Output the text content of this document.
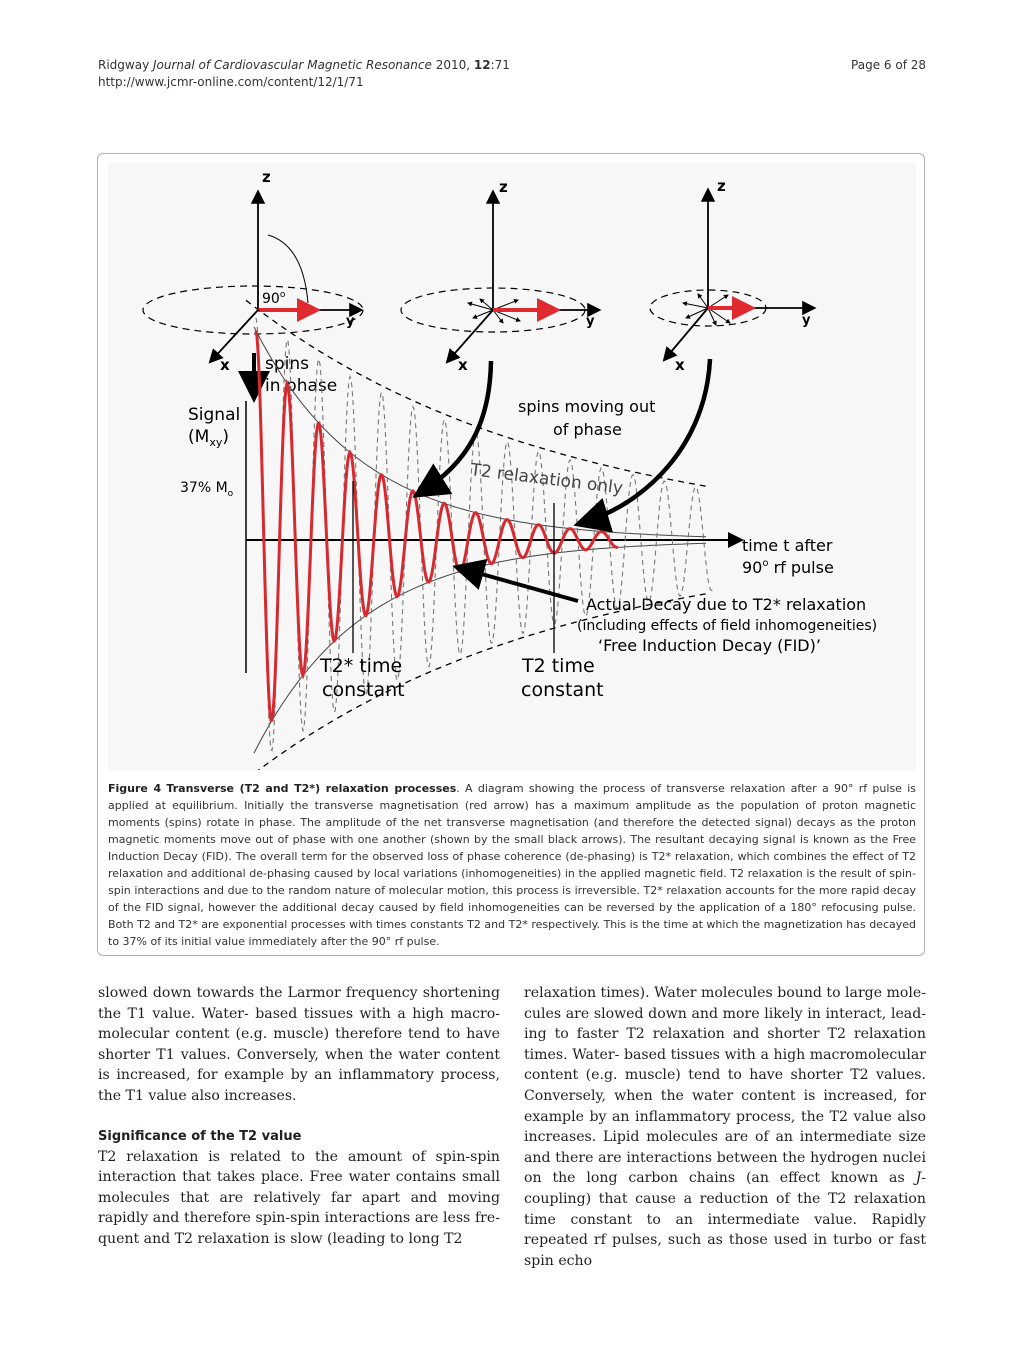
Ridgway Journal of Cardiovascular Magnetic Resonance 2010, 12:71	Page 6 of 28
http://www.jcmr-online.com/content/12/1/71
z
x
y
90$^o$
z
x
y
z
x
y
spins
in phase
Signal
$(M_{xy})$
37% $M_o$
spins moving out
of phase
T2 relaxation only
time t after
90$^o$ rf pulse
Actual Decay due to T2* relaxation
(including effects of field inhomogeneities)
‘Free Induction Decay (FID)’
T2* time
constant
T2 time
constant
Figure 4 Transverse (T2 and T2*) relaxation processes. A diagram showing the process of transverse relaxation after a 90° rf pulse is applied at equilibrium. Initially the transverse magnetisation (red arrow) has a maximum amplitude as the population of proton magnetic moments (spins) rotate in phase. The amplitude of the net transverse magnetisation (and therefore the detected signal) decays as the proton magnetic moments move out of phase with one another (shown by the small black arrows). The resultant decaying signal is known as the Free Induction Decay (FID). The overall term for the observed loss of phase coherence (de-phasing) is T2* relaxation, which combines the effect of T2 relaxation and additional de-phasing caused by local variations (inhomogeneities) in the applied magnetic field. T2 relaxation is the result of spin-spin interactions and due to the random nature of molecular motion, this process is irreversible. T2* relaxation accounts for the more rapid decay of the FID signal, however the additional decay caused by field inhomogeneities can be reversed by the application of a 180° refocusing pulse. Both T2 and T2* are exponential processes with times constants T2 and T2* respectively. This is the time at which the magnetization has decayed to 37% of its initial value immediately after the 90° rf pulse.

slowed down towards the Larmor frequency shortening the T1 value. Water- based tissues with a high macro-molecular content (e.g. muscle) therefore tend to have shorter T1 values. Conversely, when the water content is increased, for example by an inflammatory process, the T1 value also increases.

Significance of the T2 value

T2 relaxation is related to the amount of spin-spin interaction that takes place. Free water contains small molecules that are relatively far apart and moving rapidly and therefore spin-spin interactions are less fre-quent and T2 relaxation is slow (leading to long T2

relaxation times). Water molecules bound to large mole-cules are slowed down and more likely in interact, lead-ing to faster T2 relaxation and shorter T2 relaxation times. Water- based tissues with a high macromolecular content (e.g. muscle) tend to have shorter T2 values. Conversely, when the water content is increased, for example by an inflammatory process, the T2 value also increases. Lipid molecules are of an intermediate size and there are interactions between the hydrogen nuclei on the long carbon chains (an effect known as J-coupling) that cause a reduction of the T2 relaxation time constant to an intermediate value. Rapidly repeated rf pulses, such as those used in turbo or fast spin echo
